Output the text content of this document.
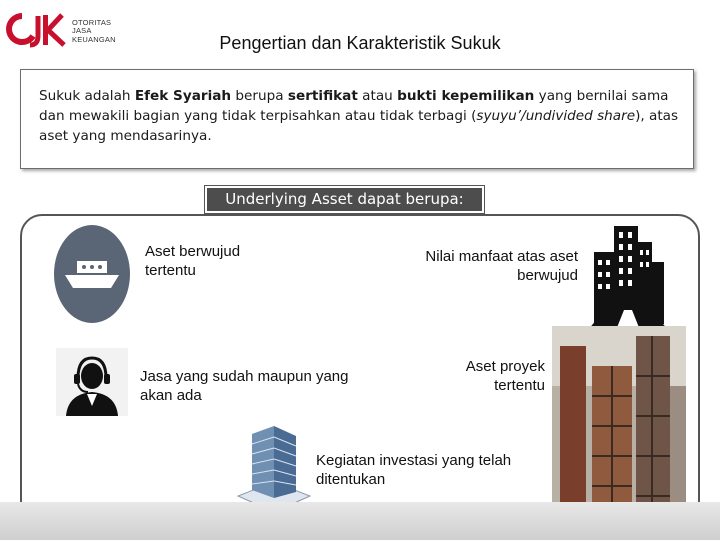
OTORITAS
JASA
KEUANGAN	Pengertian dan Karakteristik Sukuk
Sukuk adalah Efek Syariah berupa sertifikat atau bukti kepemilikan yang bernilai sama dan mewakili bagian yang tidak terpisahkan atau tidak terbagi (syuyu’/undivided share), atas aset yang mendasarinya.
Underlying Asset dapat berupa:
Aset berwujud tertentu
Nilai manfaat atas aset berwujud
Jasa yang sudah maupun yang akan ada
Aset proyek tertentu
Kegiatan investasi yang telah ditentukan
